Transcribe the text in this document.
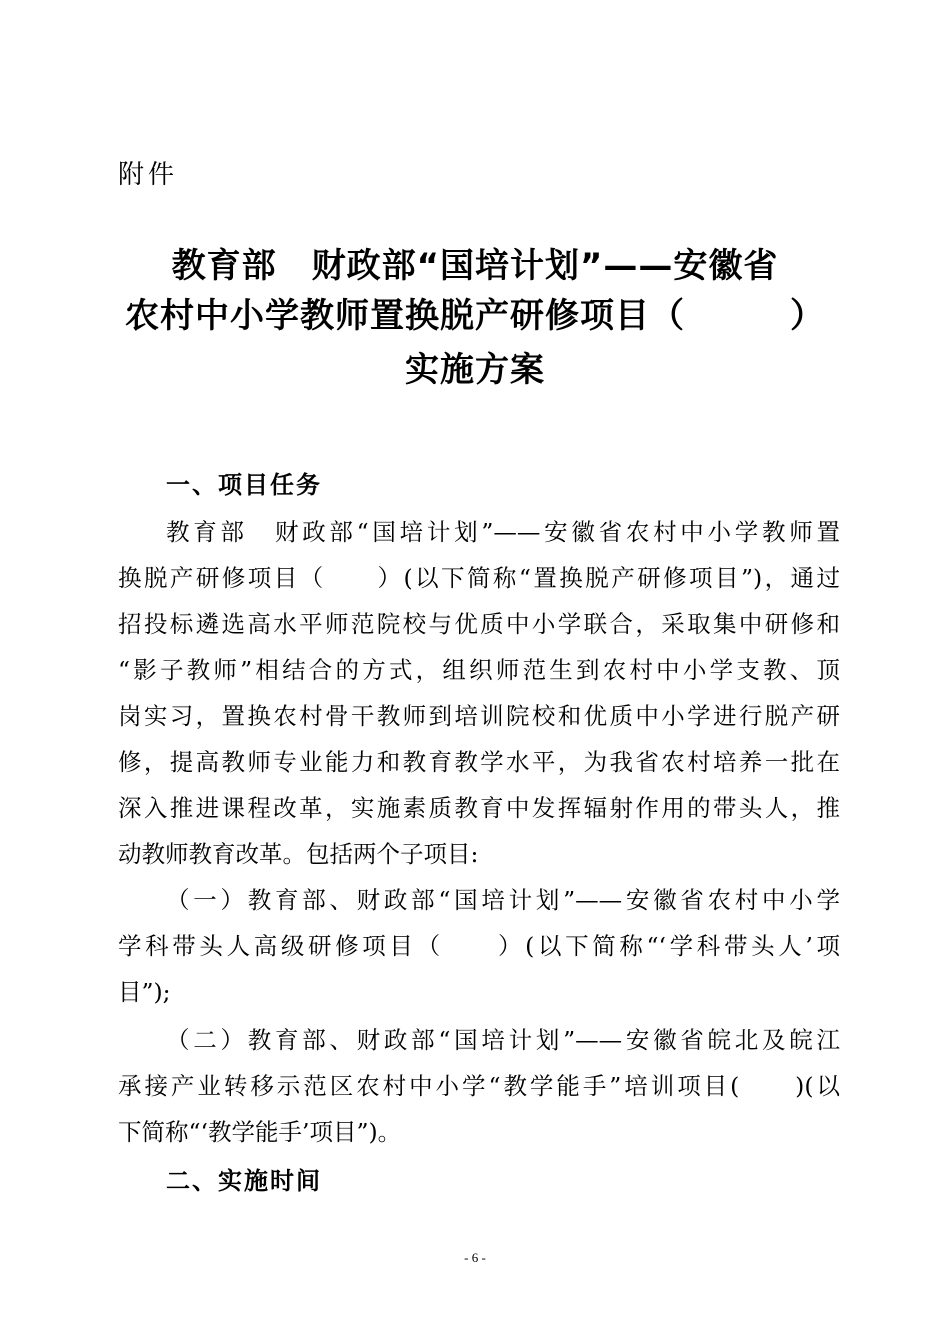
附件
教育部　财政部“国培计划”——安徽省
农村中小学教师置换脱产研修项目（　　　）
实施方案
一、项目任务
教育部　财政部“国培计划”——安徽省农村中小学教师置
换脱产研修项目（　　）(以下简称“置换脱产研修项目”)，通过
招投标遴选高水平师范院校与优质中小学联合，采取集中研修和
“影子教师”相结合的方式，组织师范生到农村中小学支教、顶
岗实习，置换农村骨干教师到培训院校和优质中小学进行脱产研
修，提高教师专业能力和教育教学水平，为我省农村培养一批在
深入推进课程改革，实施素质教育中发挥辐射作用的带头人，推
动教师教育改革。包括两个子项目:
（一）教育部、财政部“国培计划”——安徽省农村中小学
学科带头人高级研修项目（　　）(以下简称“‘学科带头人’项
目”);
（二）教育部、财政部“国培计划”——安徽省皖北及皖江
承接产业转移示范区农村中小学“教学能手”培训项目(　　)(以
下简称“‘教学能手’项目”)。
二、实施时间
- 6 -
